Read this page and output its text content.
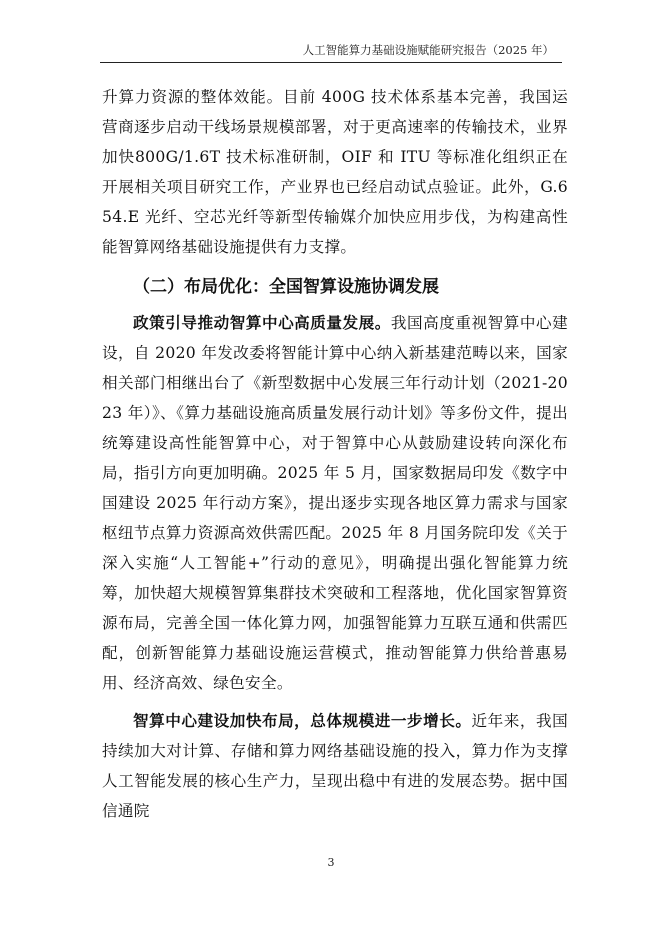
人工智能算力基础设施赋能研究报告（2025 年）

升算力资源的整体效能。目前 400G 技术体系基本完善，我国运营商逐步启动干线场景规模部署，对于更高速率的传输技术，业界加快800G/1.6T 技术标准研制，OIF 和 ITU 等标准化组织正在开展相关项目研究工作，产业界也已经启动试点验证。此外，G.654.E 光纤、空芯光纤等新型传输媒介加快应用步伐，为构建高性能智算网络基础设施提供有力支撑。

（二）布局优化：全国智算设施协调发展

政策引导推动智算中心高质量发展。我国高度重视智算中心建设，自 2020 年发改委将智能计算中心纳入新基建范畴以来，国家相关部门相继出台了《新型数据中心发展三年行动计划（2021-2023 年）》、《算力基础设施高质量发展行动计划》等多份文件，提出统筹建设高性能智算中心，对于智算中心从鼓励建设转向深化布局，指引方向更加明确。2025 年 5 月，国家数据局印发《数字中国建设 2025 年行动方案》，提出逐步实现各地区算力需求与国家枢纽节点算力资源高效供需匹配。2025 年 8 月国务院印发《关于深入实施“人工智能+”行动的意见》，明确提出强化智能算力统筹，加快超大规模智算集群技术突破和工程落地，优化国家智算资源布局，完善全国一体化算力网，加强智能算力互联互通和供需匹配，创新智能算力基础设施运营模式，推动智能算力供给普惠易用、经济高效、绿色安全。

智算中心建设加快布局，总体规模进一步增长。近年来，我国持续加大对计算、存储和算力网络基础设施的投入，算力作为支撑人工智能发展的核心生产力，呈现出稳中有进的发展态势。据中国信通院

3
